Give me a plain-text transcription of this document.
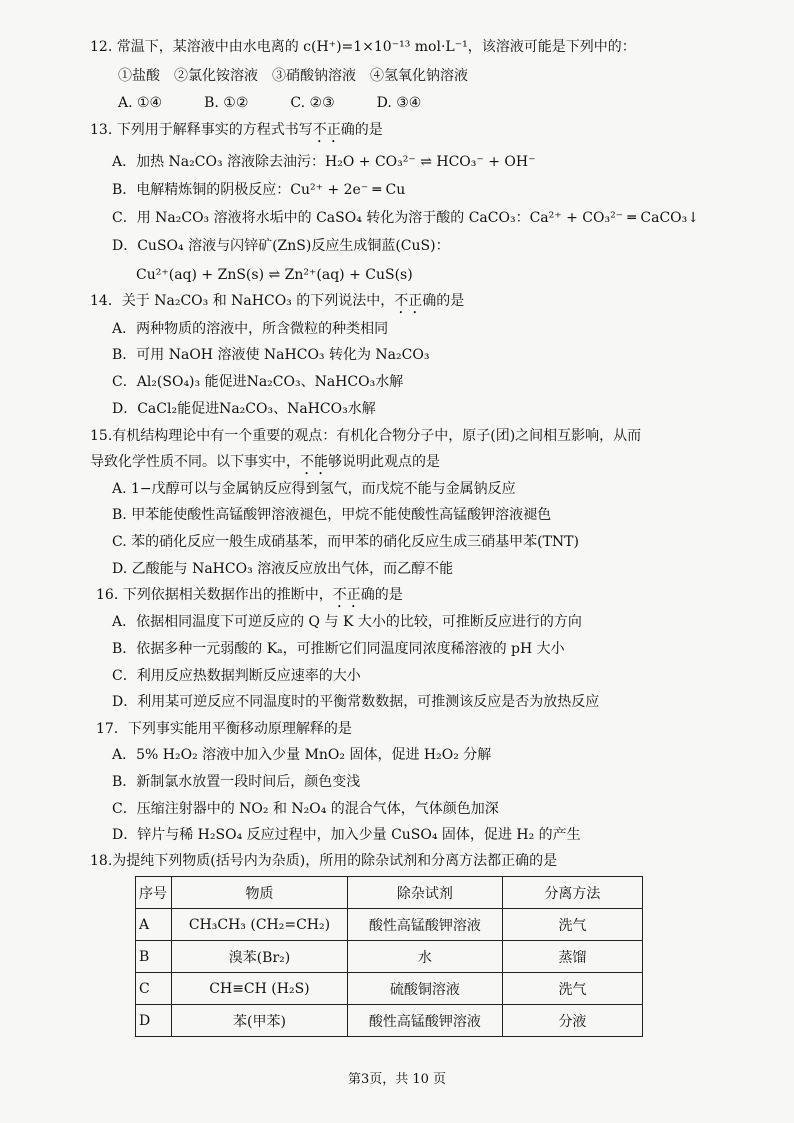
12. 常温下，某溶液中由水电离的 c(H⁺)=1×10⁻¹³ mol·L⁻¹，该溶液可能是下列中的：
①盐酸　②氯化铵溶液　③硝酸钠溶液　④氢氧化钠溶液
A. ①④　　　B. ①②　　　C. ②③　　　D. ③④
13. 下列用于解释事实的方程式书写不正确的是
A．加热 Na₂CO₃ 溶液除去油污：H₂O + CO₃²⁻ ⇌ HCO₃⁻ + OH⁻
B．电解精炼铜的阴极反应：Cu²⁺ + 2e⁻ ═ Cu
C．用 Na₂CO₃ 溶液将水垢中的 CaSO₄ 转化为溶于酸的 CaCO₃：Ca²⁺ + CO₃²⁻ ═ CaCO₃↓
D．CuSO₄ 溶液与闪锌矿(ZnS)反应生成铜蓝(CuS)：
Cu²⁺(aq) + ZnS(s) ⇌ Zn²⁺(aq) + CuS(s)
14．关于 Na₂CO₃ 和 NaHCO₃ 的下列说法中，不正确的是
A．两种物质的溶液中，所含微粒的种类相同
B．可用 NaOH 溶液使 NaHCO₃ 转化为 Na₂CO₃
C．Al₂(SO₄)₃ 能促进Na₂CO₃、NaHCO₃水解
D．CaCl₂能促进Na₂CO₃、NaHCO₃水解
15.有机结构理论中有一个重要的观点：有机化合物分子中，原子(团)之间相互影响，从而
导致化学性质不同。以下事实中，不能够说明此观点的是
A. 1−戊醇可以与金属钠反应得到氢气，而戊烷不能与金属钠反应
B. 甲苯能使酸性高锰酸钾溶液褪色，甲烷不能使酸性高锰酸钾溶液褪色
C. 苯的硝化反应一般生成硝基苯，而甲苯的硝化反应生成三硝基甲苯(TNT)
D. 乙酸能与 NaHCO₃ 溶液反应放出气体，而乙醇不能
16. 下列依据相关数据作出的推断中，不正确的是
A．依据相同温度下可逆反应的 Q 与 K 大小的比较，可推断反应进行的方向
B．依据多种一元弱酸的 Kₐ，可推断它们同温度同浓度稀溶液的 pH 大小
C．利用反应热数据判断反应速率的大小
D．利用某可逆反应不同温度时的平衡常数数据，可推测该反应是否为放热反应
17．下列事实能用平衡移动原理解释的是
A．5% H₂O₂ 溶液中加入少量 MnO₂ 固体，促进 H₂O₂ 分解
B．新制氯水放置一段时间后，颜色变浅
C．压缩注射器中的 NO₂ 和 N₂O₄ 的混合气体，气体颜色加深
D．锌片与稀 H₂SO₄ 反应过程中，加入少量 CuSO₄ 固体，促进 H₂ 的产生
18.为提纯下列物质(括号内为杂质)，所用的除杂试剂和分离方法都正确的是
序号	物质	除杂试剂	分离方法
A	CH₃CH₃ (CH₂=CH₂)	酸性高锰酸钾溶液	洗气
B	溴苯(Br₂)	水	蒸馏
C	CH≡CH (H₂S)	硫酸铜溶液	洗气
D	苯(甲苯)	酸性高锰酸钾溶液	分液
第3页，共 10 页
